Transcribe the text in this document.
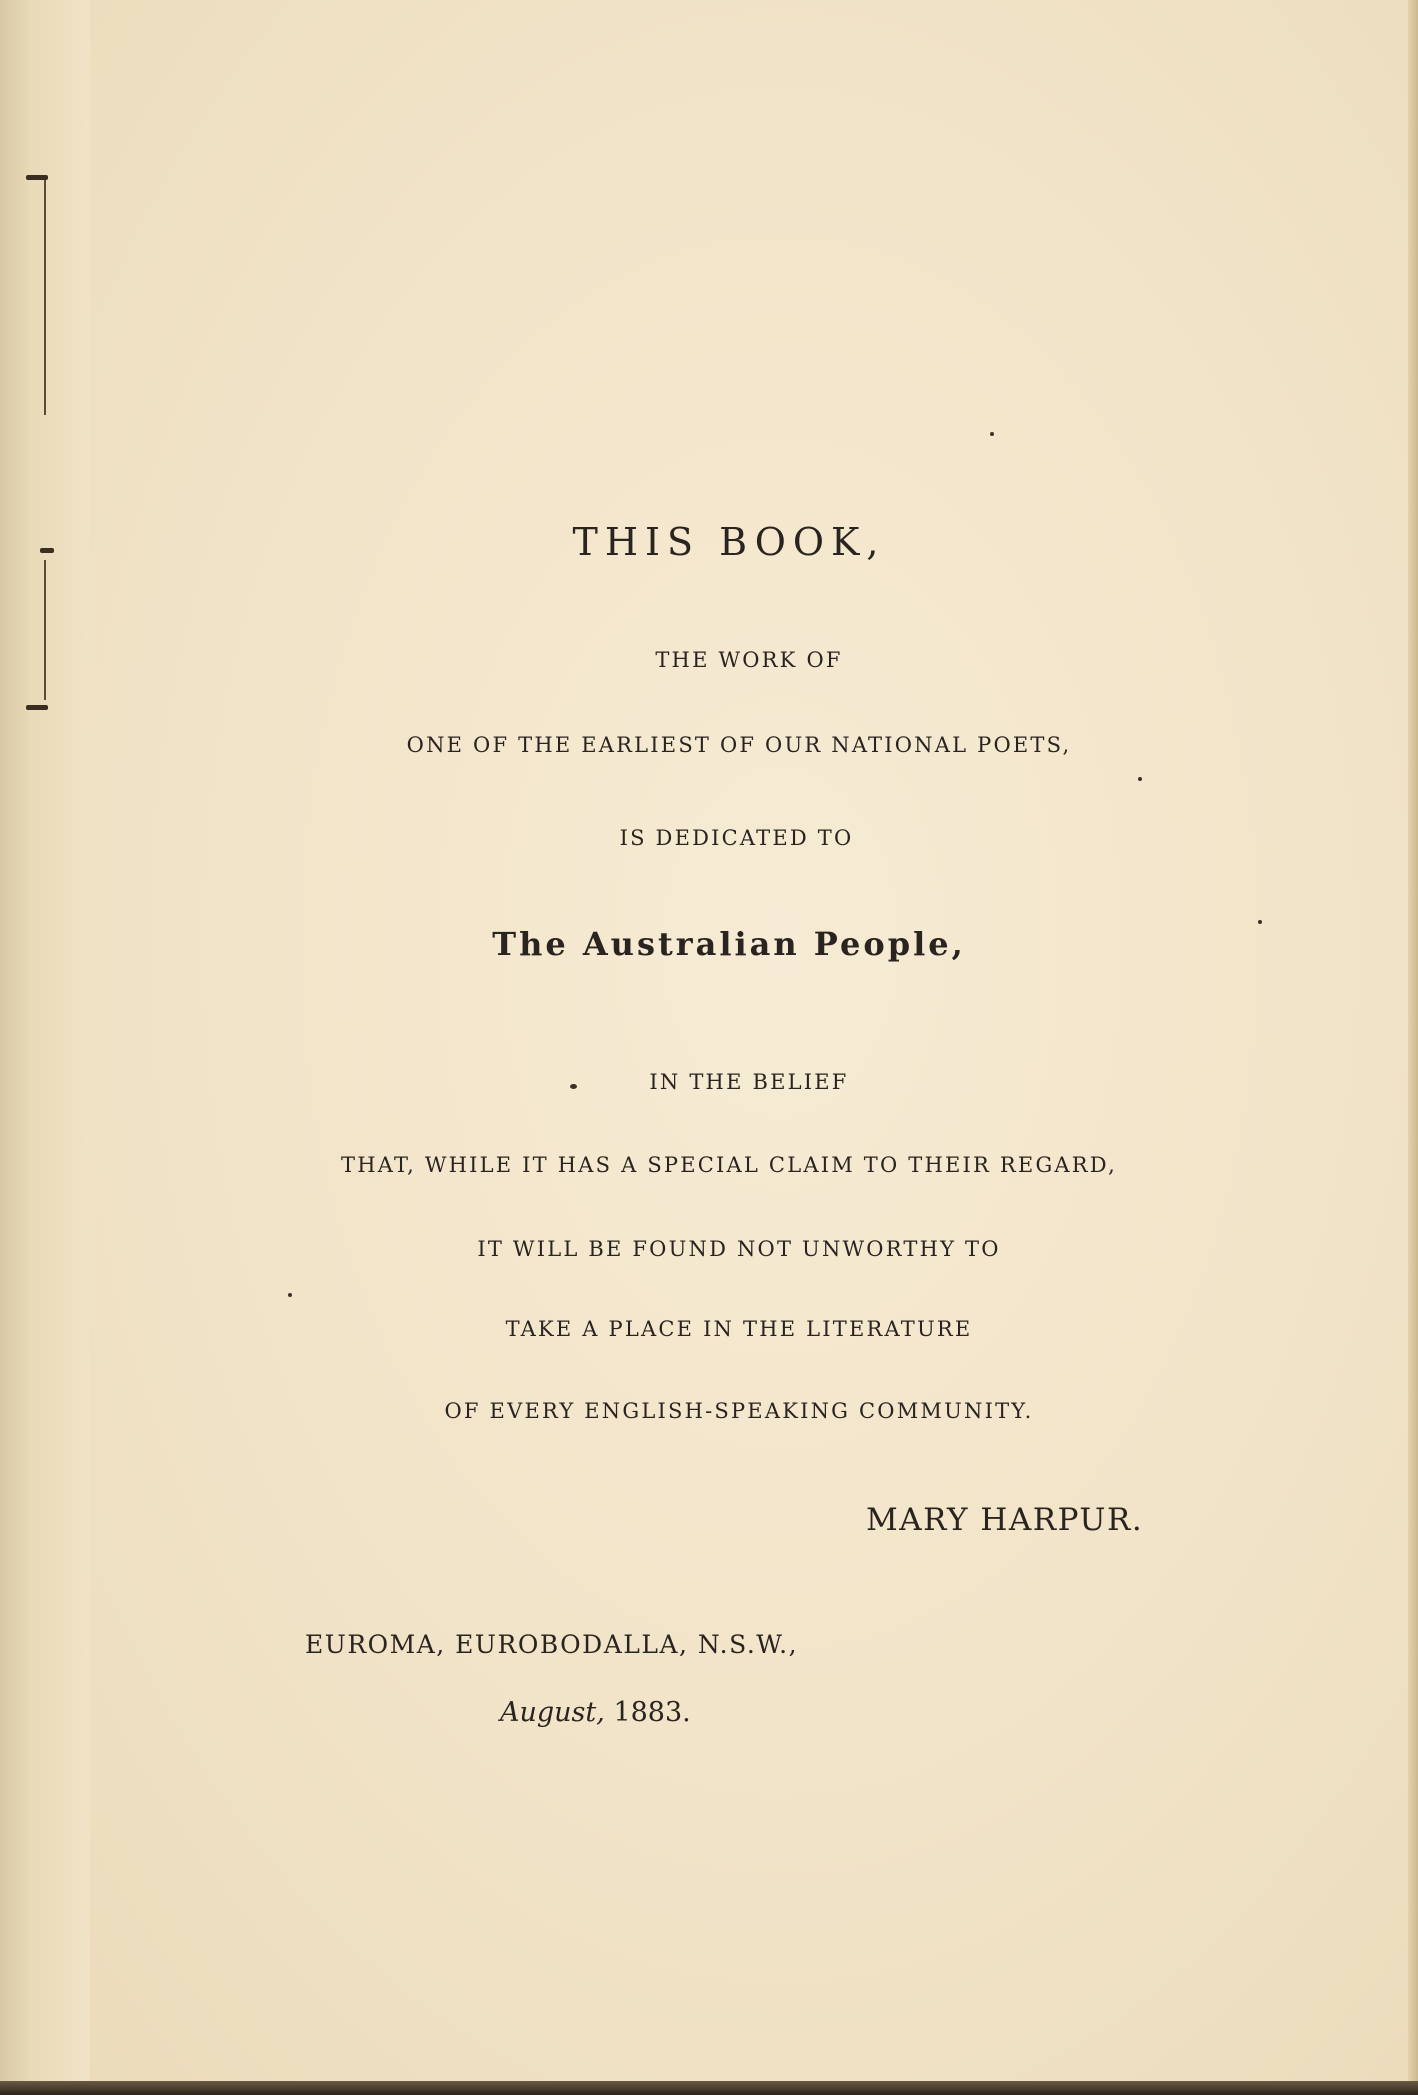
THIS BOOK,
THE WORK OF
ONE OF THE EARLIEST OF OUR NATIONAL POETS,
IS DEDICATED TO
The Australian People,
IN THE BELIEF
THAT, WHILE IT HAS A SPECIAL CLAIM TO THEIR REGARD,
IT WILL BE FOUND NOT UNWORTHY TO
TAKE A PLACE IN THE LITERATURE
OF EVERY ENGLISH-SPEAKING COMMUNITY.
MARY HARPUR.
EUROMA, EUROBODALLA, N.S.W.,
August, 1883.
